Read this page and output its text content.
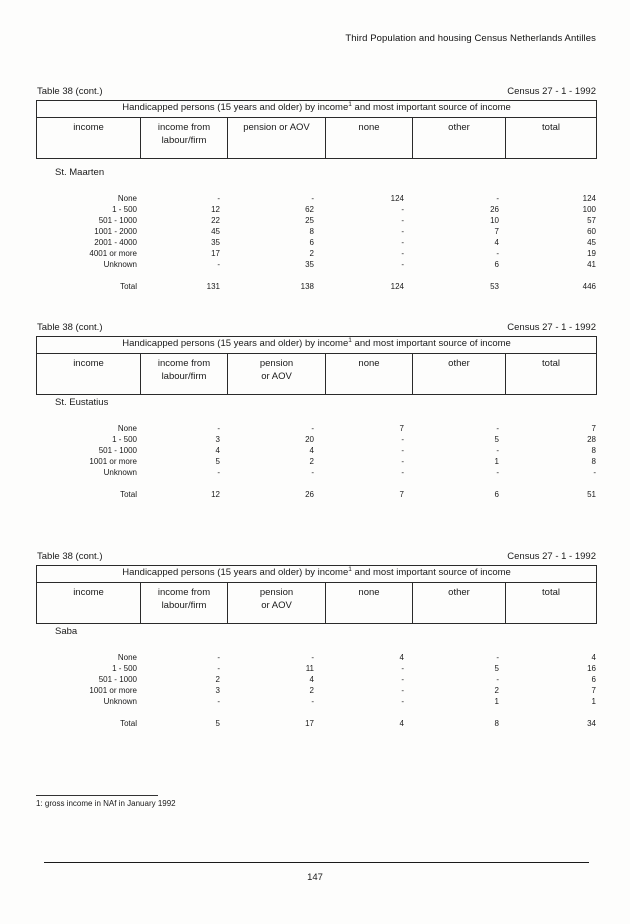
Third Population and housing Census Netherlands Antilles
Table 38 (cont.)	Census 27 - 1 - 1992
Handicapped persons (15 years and older) by income$^1$ and most important source of income
income	income from
labour/firm
	pension or AOV	none	other	total
St. Maarten
None	-	-	124	-	124
1 - 500	12	62	-	26	100
501 - 1000	22	25	-	10	57
1001 - 2000	45	8	-	7	60
2001 - 4000	35	6	-	4	45
4001 or more	17	2	-	-	19
Unknown	-	35	-	6	41
Total	131	138	124	53	446
Table 38 (cont.)	Census 27 - 1 - 1992
Handicapped persons (15 years and older) by income$^1$ and most important source of income
income	income from
labour/firm
	pension
or AOV
	none	other	total
St. Eustatius
None	-	-	7	-	7
1 - 500	3	20	-	5	28
501 - 1000	4	4	-	-	8
1001 or more	5	2	-	1	8
Unknown	-	-	-	-	-
Total	12	26	7	6	51
Table 38 (cont.)	Census 27 - 1 - 1992
Handicapped persons (15 years and older) by income$^1$ and most important source of income
income	income from
labour/firm
	pension
or AOV
	none	other	total
Saba
None	-	-	4	-	4
1 - 500	-	11	-	5	16
501 - 1000	2	4	-	-	6
1001 or more	3	2	-	2	7
Unknown	-	-	-	1	1
Total	5	17	4	8	34
1: gross income in NAf in January 1992
147
